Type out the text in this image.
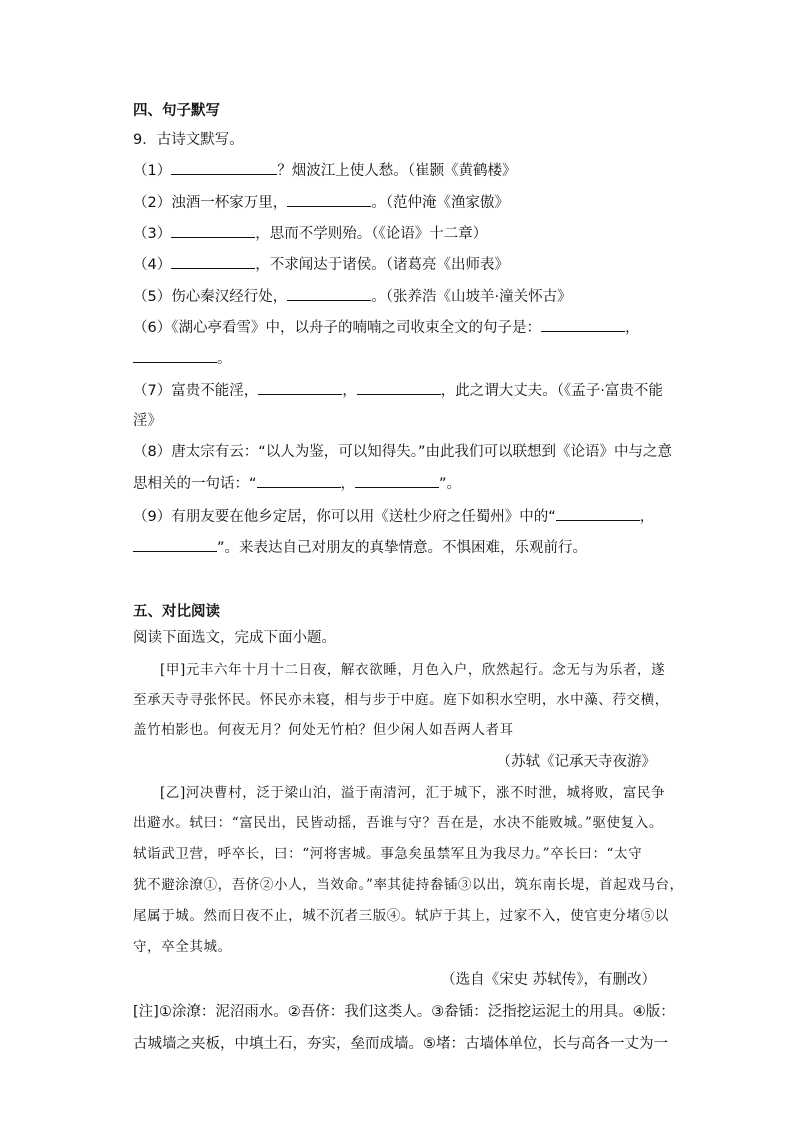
四、句子默写
9．古诗文默写。
（1）	？烟波江上使人愁。（崔颢《黄鹤楼》
（2）浊酒一杯家万里，	。（范仲淹《渔家傲》
（3）	，思而不学则殆。（《论语》十二章）
（4）	，不求闻达于诸侯。（诸葛亮《出师表》
（5）伤心秦汉经行处，	。（张养浩《山坡羊·潼关怀古》
（6）《湖心亭看雪》中，以舟子的喃喃之司收束全文的句子是：	，
。
（7）富贵不能淫，	，	，此之谓大丈夫。（《孟子·富贵不能
淫》
（8）唐太宗有云：“以人为鉴，可以知得失。”由此我们可以联想到《论语》中与之意
思相关的一句话：“	，	”。
（9）有朋友要在他乡定居，你可以用《送杜少府之任蜀州》中的“	，
”。来表达自己对朋友的真挚情意。不惧困难，乐观前行。
五、对比阅读
阅读下面选文，完成下面小题。
[甲]元丰六年十月十二日夜，解衣欲睡，月色入户，欣然起行。念无与为乐者，遂
至承天寺寻张怀民。怀民亦未寝，相与步于中庭。庭下如积水空明，水中藻、荇交横，
盖竹柏影也。何夜无月？何处无竹柏？但少闲人如吾两人者耳
（苏轼《记承天寺夜游》
[乙]河决曹村，泛于梁山泊，溢于南清河，汇于城下，涨不时泄，城将败，富民争
出避水。轼曰：“富民出，民皆动摇，吾谁与守？吾在是，水决不能败城。”驱使复入。
轼诣武卫营，呼卒长，曰：“河将害城。事急矣虽禁军且为我尽力。”卒长曰：“太守
犹不避涂潦①，吾侪②小人，当效命。”率其徒持畚锸③以出，筑东南长堤，首起戏马台，
尾属于城。然而日夜不止，城不沉者三版④。轼庐于其上，过家不入，使官吏分堵⑤以
守，卒全其城。
（选自《宋史 苏轼传》，有删改）
[注]①涂潦：泥沼雨水。②吾侪：我们这类人。③畚锸：泛指挖运泥土的用具。④版：
古城墙之夹板，中填土石，夯实，垒而成墙。⑤堵：古墙体单位，长与高各一丈为一
